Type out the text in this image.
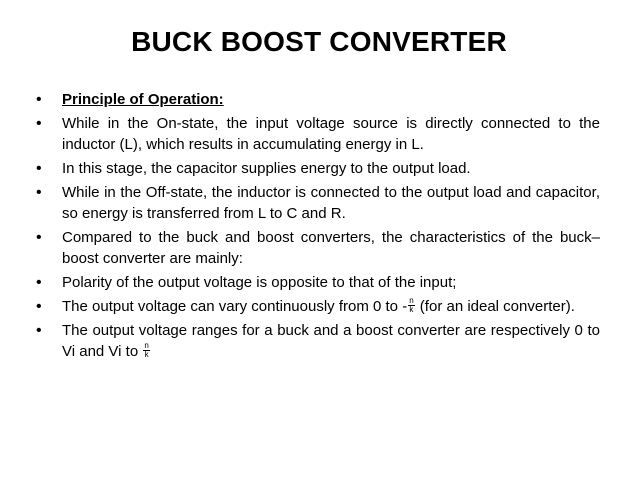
BUCK BOOST CONVERTER
• Principle of Operation:
• While in the On-state, the input voltage source is directly connected to the inductor (L), which results in accumulating energy in L.
• In this stage, the capacitor supplies energy to the output load.
• While in the Off-state, the inductor is connected to the output load and capacitor, so energy is transferred from L to C and R.
• Compared to the buck and boost converters, the characteristics of the buck–boost converter are mainly:
• Polarity of the output voltage is opposite to that of the input;
• The output voltage can vary continuously from 0 to - $\frac{n}{k} (for$ an ideal converter).
• The output voltage ranges for a buck and a boost converter are respectively 0 to Vi and Vi to $\frac{n}{k}$
